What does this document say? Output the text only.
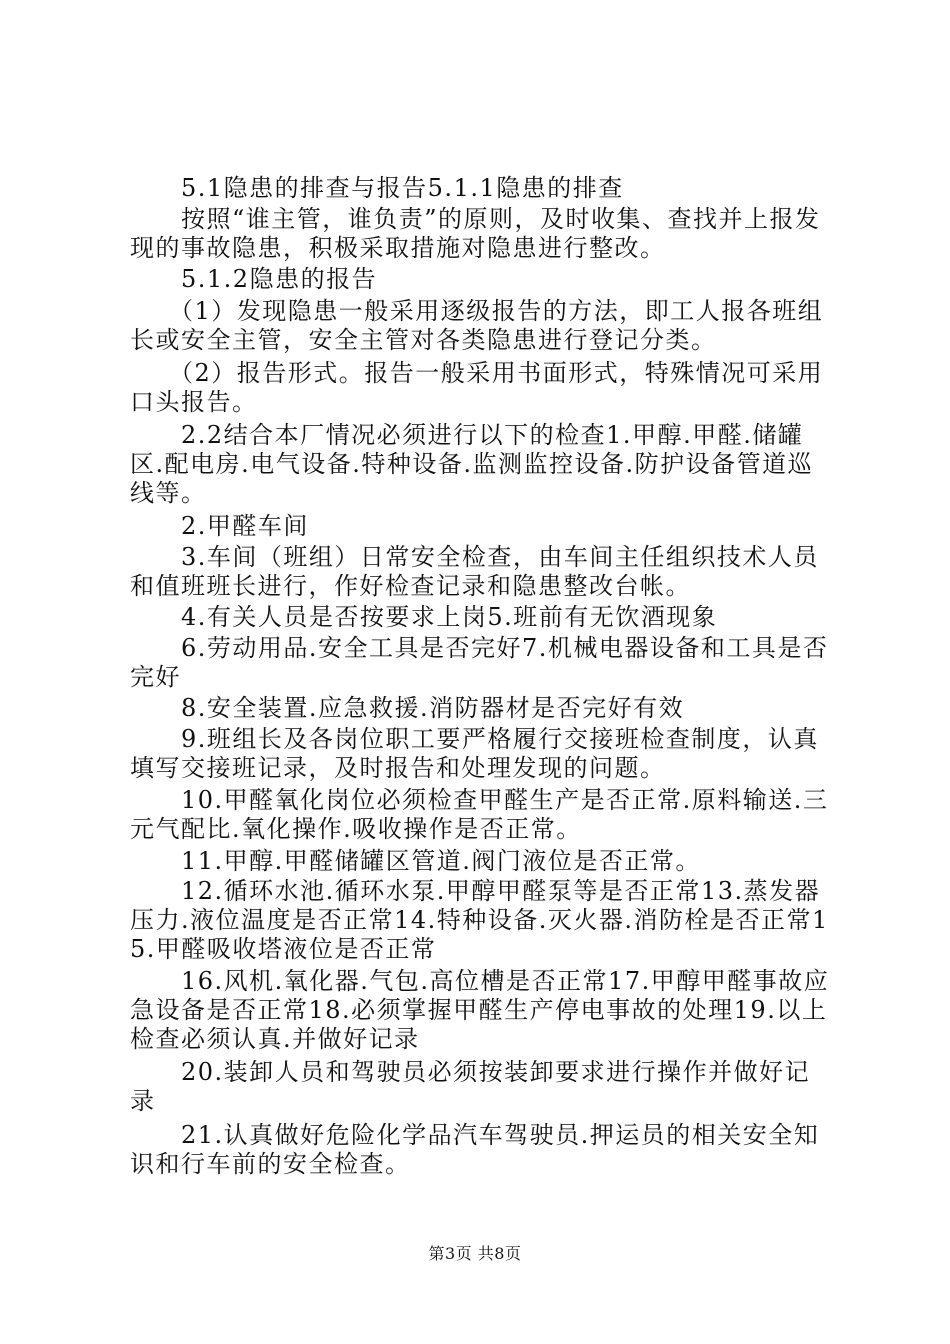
　　5.1隐患的排查与报告5.1.1隐患的排查
　　按照“谁主管，谁负责”的原则，及时收集、查找并上报发现的事故隐患，积极采取措施对隐患进行整改。
　　5.1.2隐患的报告
　　（1）发现隐患一般采用逐级报告的方法，即工人报各班组长或安全主管，安全主管对各类隐患进行登记分类。
　　（2）报告形式。报告一般采用书面形式，特殊情况可采用口头报告。
　　2.2结合本厂情况必须进行以下的检查1.甲醇.甲醛.储罐区.配电房.电气设备.特种设备.监测监控设备.防护设备管道巡线等。
　　2.甲醛车间
　　3.车间（班组）日常安全检查，由车间主任组织技术人员和值班班长进行，作好检查记录和隐患整改台帐。
　　4.有关人员是否按要求上岗5.班前有无饮酒现象
　　6.劳动用品.安全工具是否完好7.机械电器设备和工具是否完好
　　8.安全装置.应急救援.消防器材是否完好有效
　　9.班组长及各岗位职工要严格履行交接班检查制度，认真填写交接班记录，及时报告和处理发现的问题。
　　10.甲醛氧化岗位必须检查甲醛生产是否正常.原料输送.三元气配比.氧化操作.吸收操作是否正常。
　　11.甲醇.甲醛储罐区管道.阀门液位是否正常。
　　12.循环水池.循环水泵.甲醇甲醛泵等是否正常13.蒸发器压力.液位温度是否正常14.特种设备.灭火器.消防栓是否正常15.甲醛吸收塔液位是否正常
　　16.风机.氧化器.气包.高位槽是否正常17.甲醇甲醛事故应急设备是否正常18.必须掌握甲醛生产停电事故的处理19.以上检查必须认真.并做好记录
　　20.装卸人员和驾驶员必须按装卸要求进行操作并做好记录
　　21.认真做好危险化学品汽车驾驶员.押运员的相关安全知识和行车前的安全检查。
第3页 共8页
